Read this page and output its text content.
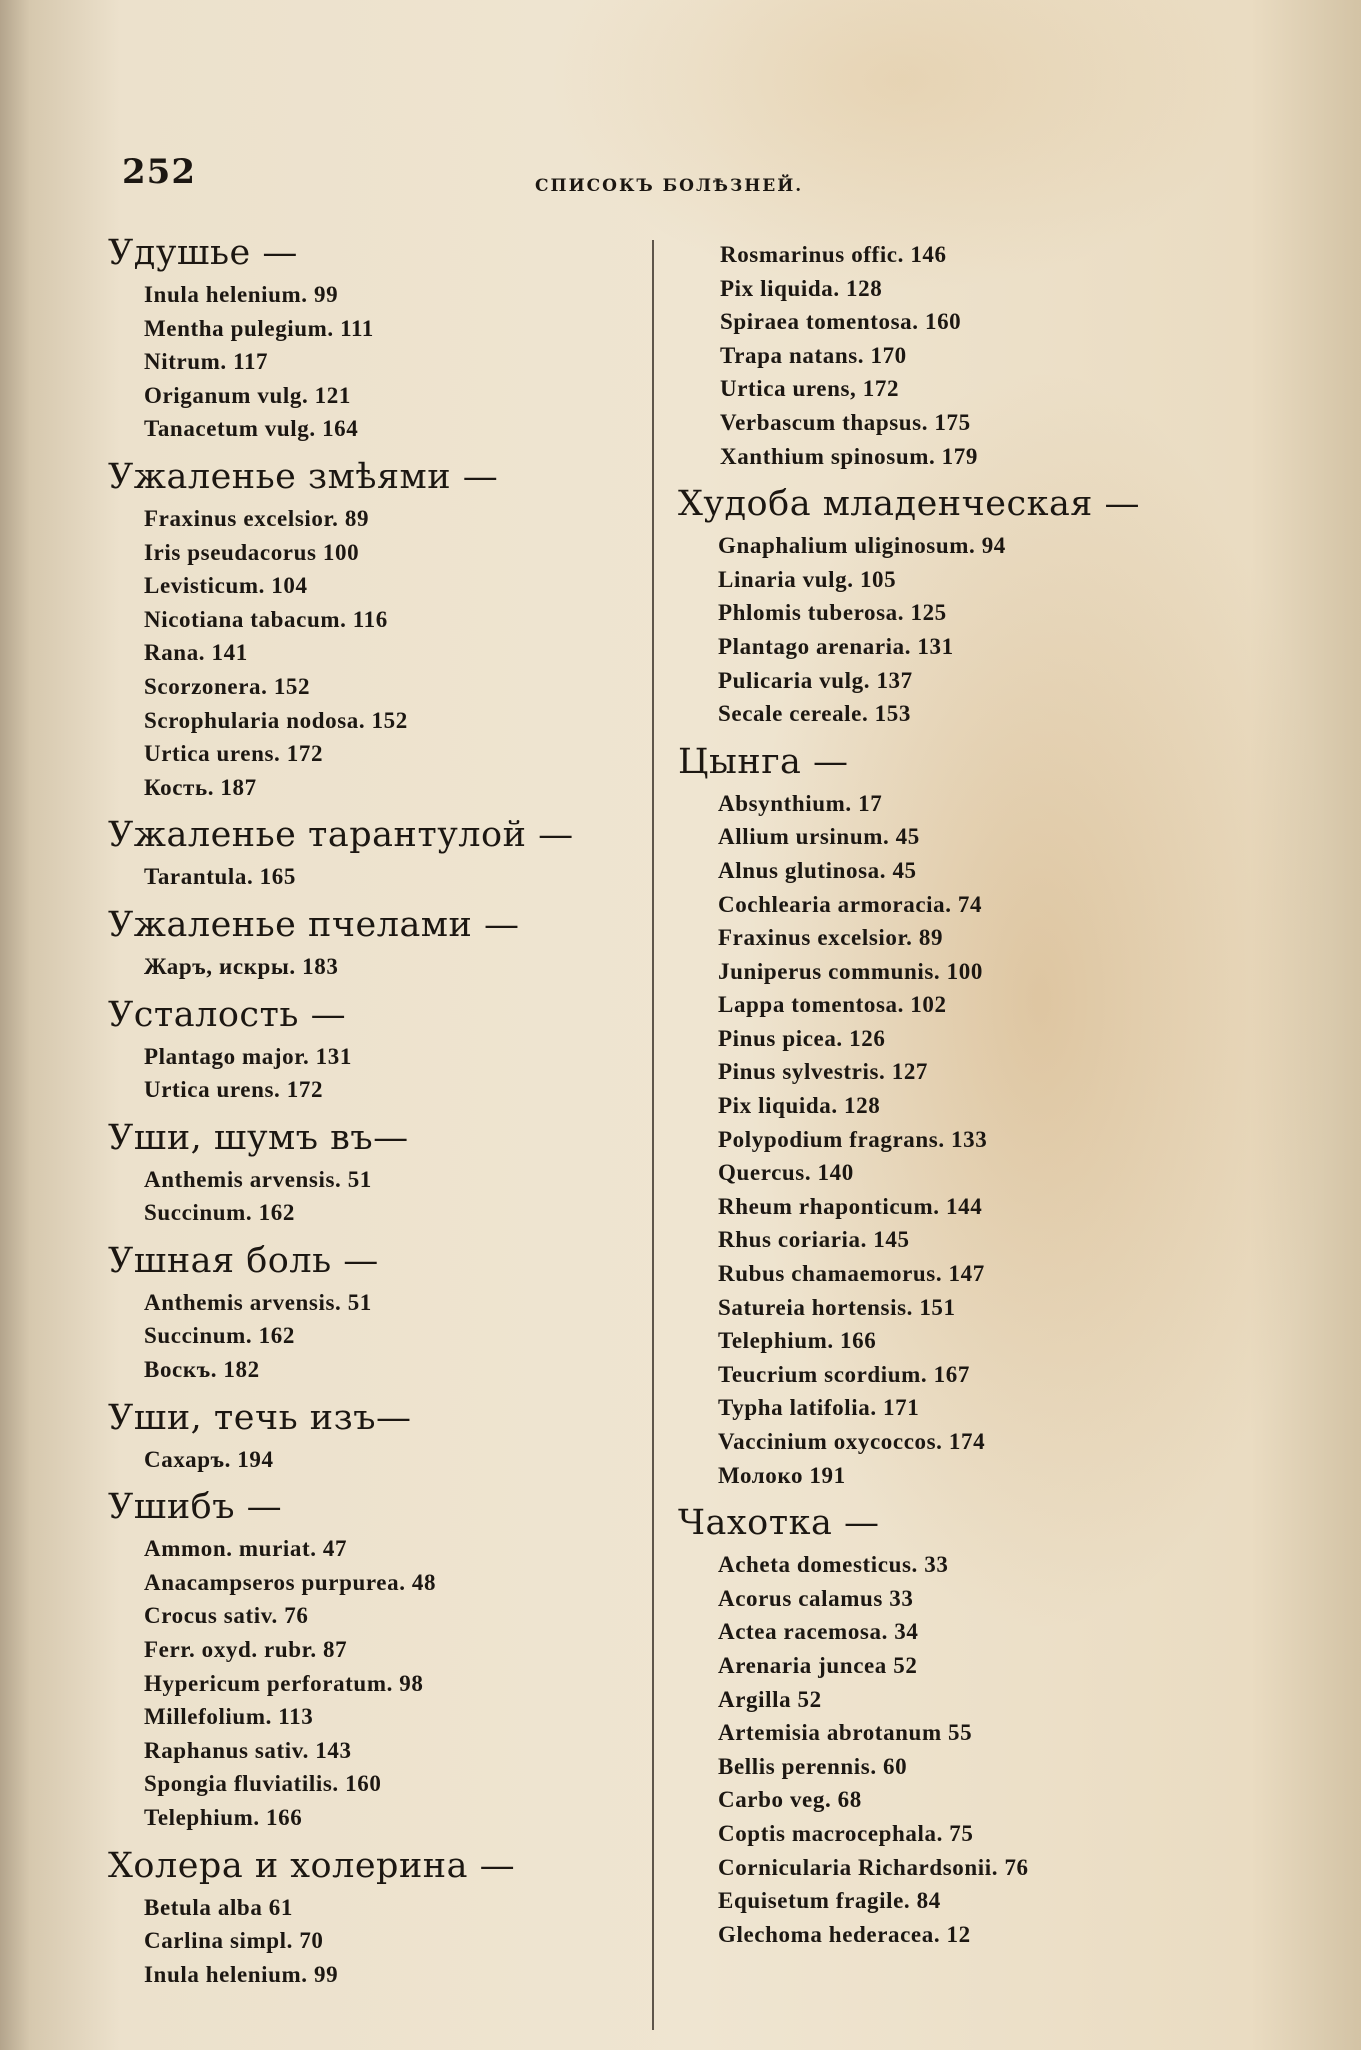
252	СПИСОКЪ БОЛѢЗНЕЙ.
Удушье —
Inula helenium. 99
Mentha pulegium. 111
Nitrum. 117
Origanum vulg. 121
Tanacetum vulg. 164
Ужаленье змѣями —
Fraxinus excelsior. 89
Iris pseudacorus 100
Levisticum. 104
Nicotiana tabacum. 116
Rana. 141
Scorzonera. 152
Scrophularia nodosa. 152
Urtica urens. 172
Кость. 187
Ужаленье тарантулой —
Tarantula. 165
Ужаленье пчелами —
Жаръ, искры. 183
Усталость —
Plantago major. 131
Urtica urens. 172
Уши, шумъ въ—
Anthemis arvensis. 51
Succinum. 162
Ушная боль —
Anthemis arvensis. 51
Succinum. 162
Воскъ. 182
Уши, течь изъ—
Сахаръ. 194
Ушибъ —
Ammon. muriat. 47
Anacampseros purpurea. 48
Crocus sativ. 76
Ferr. oxyd. rubr. 87
Hypericum perforatum. 98
Millefolium. 113
Raphanus sativ. 143
Spongia fluviatilis. 160
Telephium. 166
Холера и холерина —
Betula alba 61
Carlina simpl. 70
Inula helenium. 99
Rosmarinus offic. 146
Pix liquida. 128
Spiraea tomentosa. 160
Trapa natans. 170
Urtica urens, 172
Verbascum thapsus. 175
Xanthium spinosum. 179
Худоба младенческая —
Gnaphalium uliginosum. 94
Linaria vulg. 105
Phlomis tuberosa. 125
Plantago arenaria. 131
Pulicaria vulg. 137
Secale cereale. 153
Цынга —
Absynthium. 17
Allium ursinum. 45
Alnus glutinosa. 45
Cochlearia armoracia. 74
Fraxinus excelsior. 89
Juniperus communis. 100
Lappa tomentosa. 102
Pinus picea. 126
Pinus sylvestris. 127
Pix liquida. 128
Polypodium fragrans. 133
Quercus. 140
Rheum rhaponticum. 144
Rhus coriaria. 145
Rubus chamaemorus. 147
Satureia hortensis. 151
Telephium. 166
Teucrium scordium. 167
Typha latifolia. 171
Vaccinium oxycoccos. 174
Молоко 191
Чахотка —
Acheta domesticus. 33
Acorus calamus 33
Actea racemosa. 34
Arenaria juncea 52
Argilla 52
Artemisia abrotanum 55
Bellis perennis. 60
Carbo veg. 68
Coptis macrocephala. 75
Cornicularia Richardsonii. 76
Equisetum fragile. 84
Glechoma hederacea. 12
